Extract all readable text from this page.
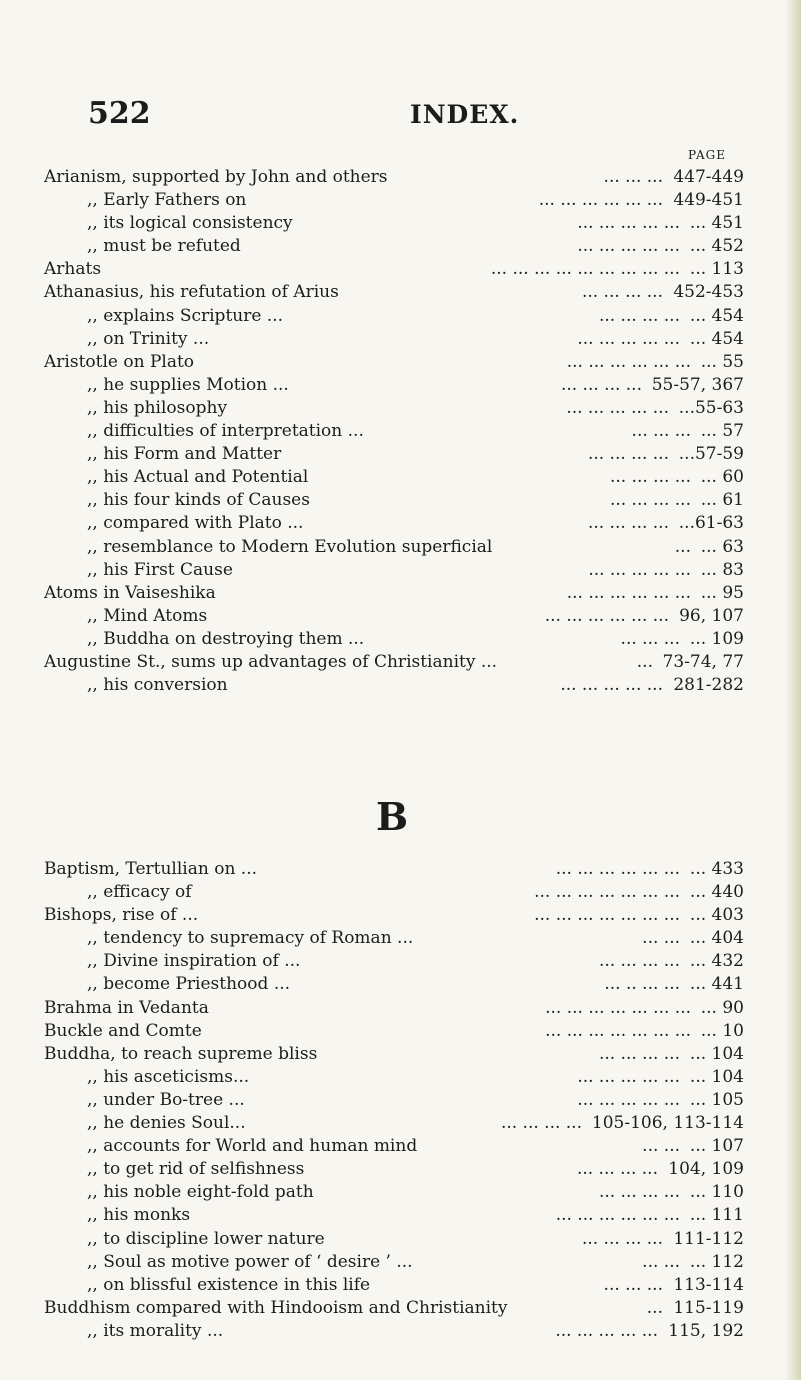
522	INDEX.
PAGE
Arianism, supported by John and others	... ... ... 447-449
,, Early Fathers on	... ... ... ... ... ... 449-451
,, its logical consistency	... ... ... ... ... ... 451
,, must be refuted	... ... ... ... ... ... 452
Arhats	... ... ... ... ... ... ... ... ... ... 113
Athanasius, his refutation of Arius	... ... ... ... 452-453
,, explains Scripture ...	... ... ... ... ... 454
,, on Trinity ...	... ... ... ... ... ... 454
Aristotle on Plato	... ... ... ... ... ... ... 55
,, he supplies Motion ...	... ... ... ... 55-57, 367
,, his philosophy	... ... ... ... ... ...55-63
,, difficulties of interpretation ...	... ... ... ... 57
,, his Form and Matter	... ... ... ... ...57-59
,, his Actual and Potential	... ... ... ... ... 60
,, his four kinds of Causes	... ... ... ... ... 61
,, compared with Plato ...	... ... ... ... ...61-63
,, resemblance to Modern Evolution superficial	... ... 63
,, his First Cause	... ... ... ... ... ... 83
Atoms in Vaiseshika	... ... ... ... ... ... ... 95
,, Mind Atoms	... ... ... ... ... ... 96, 107
,, Buddha on destroying them ...	... ... ... ... 109
Augustine St., sums up advantages of Christianity ...	... 73-74, 77
,, his conversion	... ... ... ... ... 281-282
B
Baptism, Tertullian on ...	... ... ... ... ... ... ... 433
,, efficacy of	... ... ... ... ... ... ... ... 440
Bishops, rise of ...	... ... ... ... ... ... ... ... 403
,, tendency to supremacy of Roman ...	... ... ... 404
,, Divine inspiration of ...	... ... ... ... ... 432
,, become Priesthood ...	... .. ... ... ... 441
Brahma in Vedanta	... ... ... ... ... ... ... ... 90
Buckle and Comte	... ... ... ... ... ... ... ... 10
Buddha, to reach supreme bliss	... ... ... ... ... 104
,, his asceticisms...	... ... ... ... ... ... 104
,, under Bo-tree ...	... ... ... ... ... ... 105
,, he denies Soul...	... ... ... ... 105-106, 113-114
,, accounts for World and human mind	... ... ... 107
,, to get rid of selfishness	... ... ... ... 104, 109
,, his noble eight-fold path	... ... ... ... ... 110
,, his monks	... ... ... ... ... ... ... 111
,, to discipline lower nature	... ... ... ... 111-112
,, Soul as motive power of ‘ desire ’ ...	... ... ... 112
,, on blissful existence in this life	... ... ... 113-114
Buddhism compared with Hindooism and Christianity	... 115-119
,, its morality ...	... ... ... ... ... 115, 192
